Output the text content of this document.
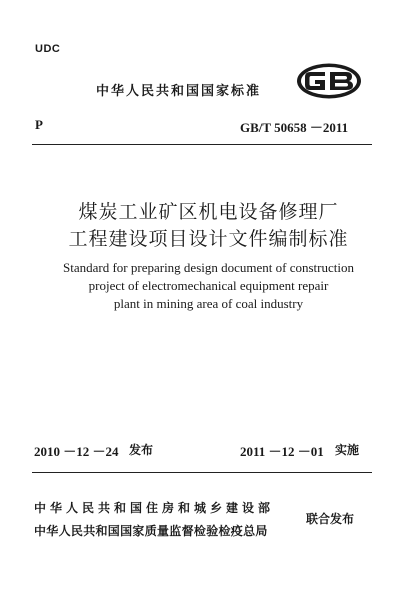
UDC
中华人民共和国国家标准
P	GB/T 50658 －2011
煤炭工业矿区机电设备修理厂
工程建设项目设计文件编制标准
Standard for preparing design document of construction
project of electromechanical equipment repair
plant in mining area of coal industry
2010 －12 －24 发布	2011 －12 －01 实施
中华人民共和国住房和城乡建设部
中华人民共和国国家质量监督检验检疫总局
联合发布
